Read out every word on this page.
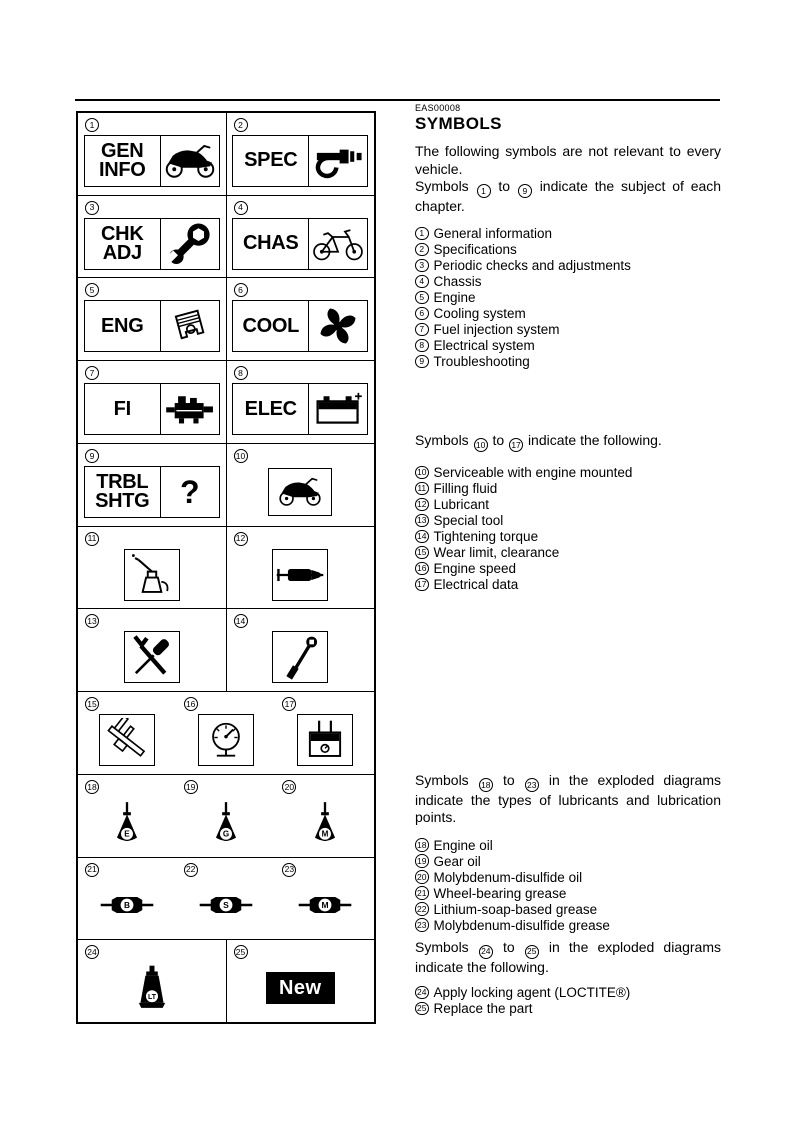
1
GEN
INFO
2
SPEC
3
CHK
ADJ
4
CHAS
5
ENG
6
COOL
7
FI
8
ELEC
9
TRBL
SHTG ?
10
11	12
13	14
15	16	17
18
E
19
G
20
M
21
B
22
S
23
M
24
LT
25
New
EAS00008
SYMBOLS

The following symbols are not relevant to every vehicle.

Symbols 1 to 9 indicate the subject of each chapter.

1 General information
2 Specifications
3 Periodic checks and adjustments
4 Chassis
5 Engine
6 Cooling system
7 Fuel injection system
8 Electrical system
9 Troubleshooting

Symbols 10 to 17 indicate the following.

10 Serviceable with engine mounted
11 Filling fluid
12 Lubricant
13 Special tool
14 Tightening torque
15 Wear limit, clearance
16 Engine speed
17 Electrical data

Symbols 18 to 23 in the exploded diagrams indicate the types of lubricants and lubrication points.

18 Engine oil
19 Gear oil
20 Molybdenum-disulfide oil
21 Wheel-bearing grease
22 Lithium-soap-based grease
23 Molybdenum-disulfide grease

Symbols 24 to 25 in the exploded diagrams indicate the following.

24 Apply locking agent (LOCTITE®)
25 Replace the part
